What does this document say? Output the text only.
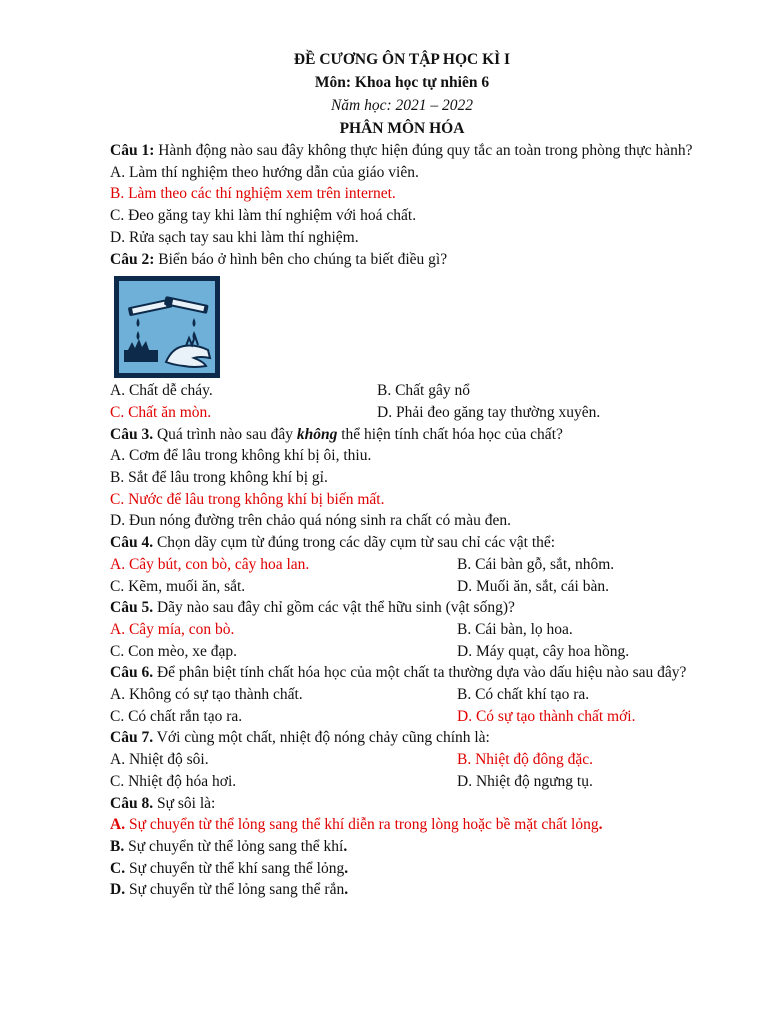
ĐỀ CƯƠNG ÔN TẬP HỌC KÌ I
Môn: Khoa học tự nhiên 6
Năm học: 2021 – 2022
PHÂN MÔN HÓA
Câu 1: Hành động nào sau đây không thực hiện đúng quy tắc an toàn trong phòng thực hành?
A. Làm thí nghiệm theo hướng dẫn của giáo viên.
B. Làm theo các thí nghiệm xem trên internet.
C. Đeo găng tay khi làm thí nghiệm với hoá chất.
D. Rửa sạch tay sau khi làm thí nghiệm.
Câu 2: Biển báo ở hình bên cho chúng ta biết điều gì?
A. Chất dễ cháy.	B. Chất gây nổ
C. Chất ăn mòn.	D. Phải đeo găng tay thường xuyên.
Câu 3. Quá trình nào sau đây không thể hiện tính chất hóa học của chất?
A. Cơm để lâu trong không khí bị ôi, thiu.
B. Sắt để lâu trong không khí bị gỉ.
C. Nước để lâu trong không khí bị biến mất.
D. Đun nóng đường trên chảo quá nóng sinh ra chất có màu đen.
Câu 4. Chọn dãy cụm từ đúng trong các dãy cụm từ sau chỉ các vật thể:
A. Cây bút, con bò, cây hoa lan.	B. Cái bàn gỗ, sắt, nhôm.
C. Kẽm, muối ăn, sắt.	D. Muối ăn, sắt, cái bàn.
Câu 5. Dãy nào sau đây chỉ gồm các vật thể hữu sinh (vật sống)?
A. Cây mía, con bò.	B. Cái bàn, lọ hoa.
C. Con mèo, xe đạp.	D. Máy quạt, cây hoa hồng.
Câu 6. Để phân biệt tính chất hóa học của một chất ta thường dựa vào dấu hiệu nào sau đây?
A. Không có sự tạo thành chất.	B. Có chất khí tạo ra.
C. Có chất rắn tạo ra.	D. Có sự tạo thành chất mới.
Câu 7. Với cùng một chất, nhiệt độ nóng chảy cũng chính là:
A. Nhiệt độ sôi.	B. Nhiệt độ đông đặc.
C. Nhiệt độ hóa hơi.	D. Nhiệt độ ngưng tụ.
Câu 8. Sự sôi là:
A. Sự chuyển từ thể lỏng sang thể khí diễn ra trong lòng hoặc bề mặt chất lỏng.
B. Sự chuyển từ thể lỏng sang thể khí.
C. Sự chuyển từ thể khí sang thể lỏng.
D. Sự chuyển từ thể lỏng sang thể rắn.
